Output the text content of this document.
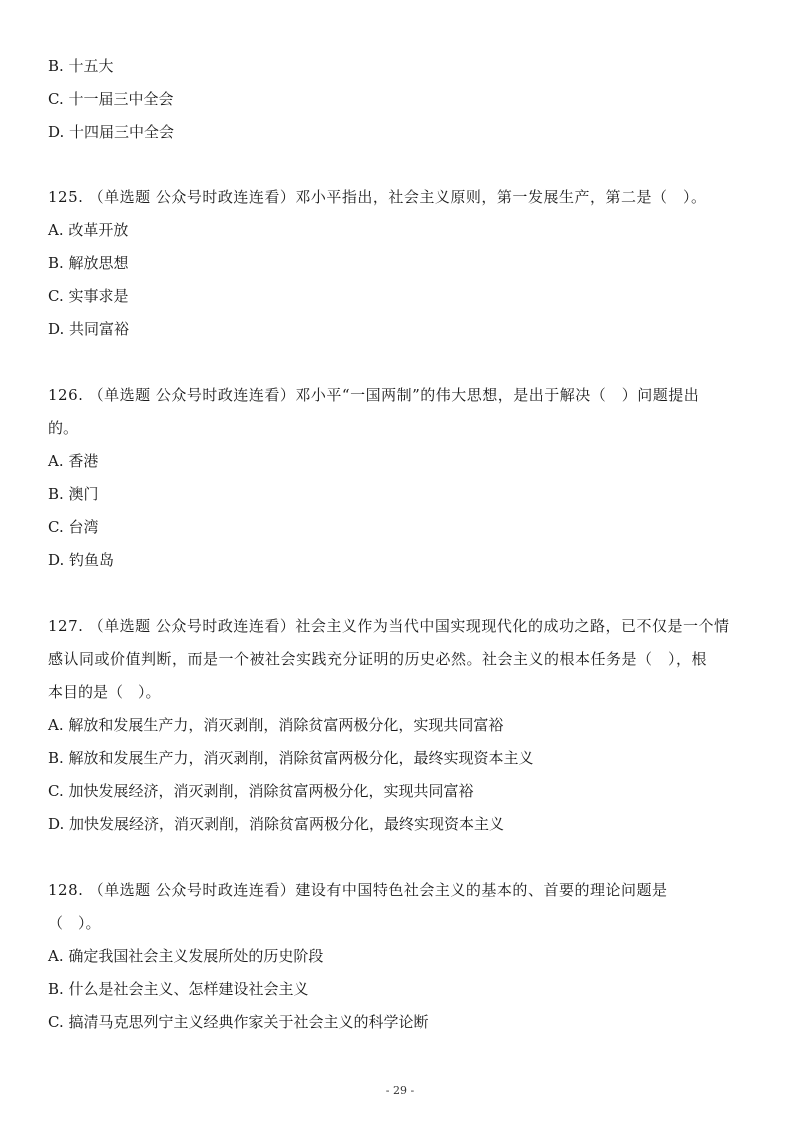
B. 十五大
C. 十一届三中全会
D. 十四届三中全会
125. （单选题 公众号时政连连看）邓小平指出，社会主义原则，第一发展生产，第二是（　）。
A. 改革开放
B. 解放思想
C. 实事求是
D. 共同富裕
126. （单选题 公众号时政连连看）邓小平“一国两制”的伟大思想，是出于解决（　）问题提出
的。
A. 香港
B. 澳门
C. 台湾
D. 钓鱼岛
127. （单选题 公众号时政连连看）社会主义作为当代中国实现现代化的成功之路，已不仅是一个情
感认同或价值判断，而是一个被社会实践充分证明的历史必然。社会主义的根本任务是（　），根
本目的是（　）。
A. 解放和发展生产力，消灭剥削，消除贫富两极分化，实现共同富裕
B. 解放和发展生产力，消灭剥削，消除贫富两极分化，最终实现资本主义
C. 加快发展经济，消灭剥削，消除贫富两极分化，实现共同富裕
D. 加快发展经济，消灭剥削，消除贫富两极分化，最终实现资本主义
128. （单选题 公众号时政连连看）建设有中国特色社会主义的基本的、首要的理论问题是
（　）。
A. 确定我国社会主义发展所处的历史阶段
B. 什么是社会主义、怎样建设社会主义
C. 搞清马克思列宁主义经典作家关于社会主义的科学论断
- 29 -
